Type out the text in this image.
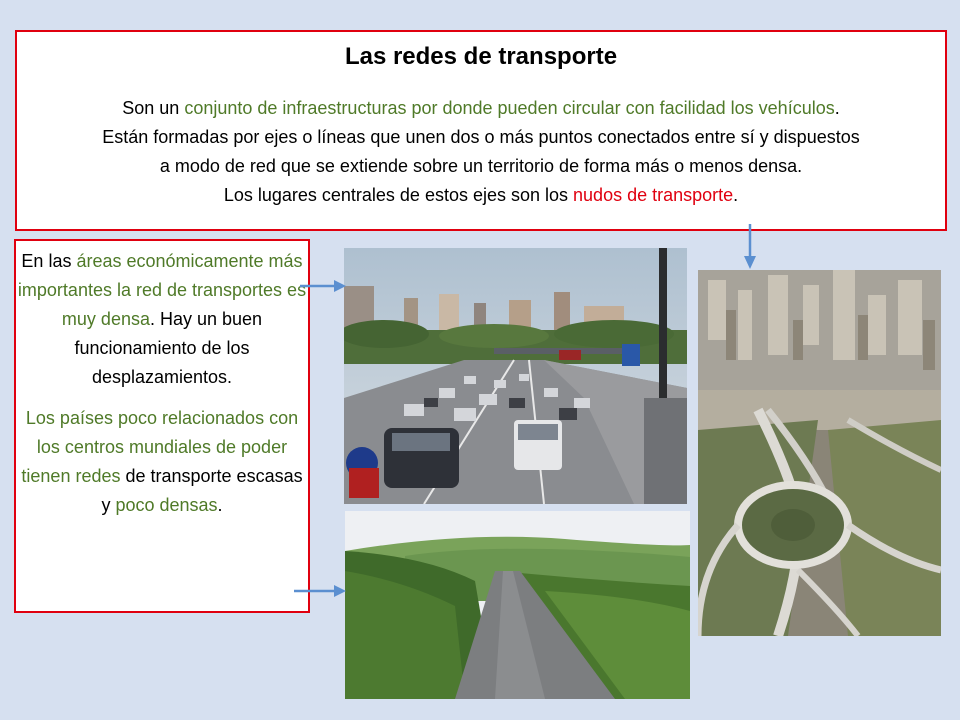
Las redes de transporte
Son un conjunto de infraestructuras por donde pueden circular con facilidad los vehículos.
Están formadas por ejes o líneas que unen dos o más puntos conectados entre sí y dispuestos
a modo de red que se extiende sobre un territorio de forma más o menos densa.
Los lugares centrales de estos ejes son los nudos de transporte.

En las áreas económicamente más importantes la red de transportes es muy densa. Hay un buen funcionamiento de los desplazamientos.

Los países poco relacionados con los centros mundiales de poder tienen redes de transporte escasas y poco densas.
